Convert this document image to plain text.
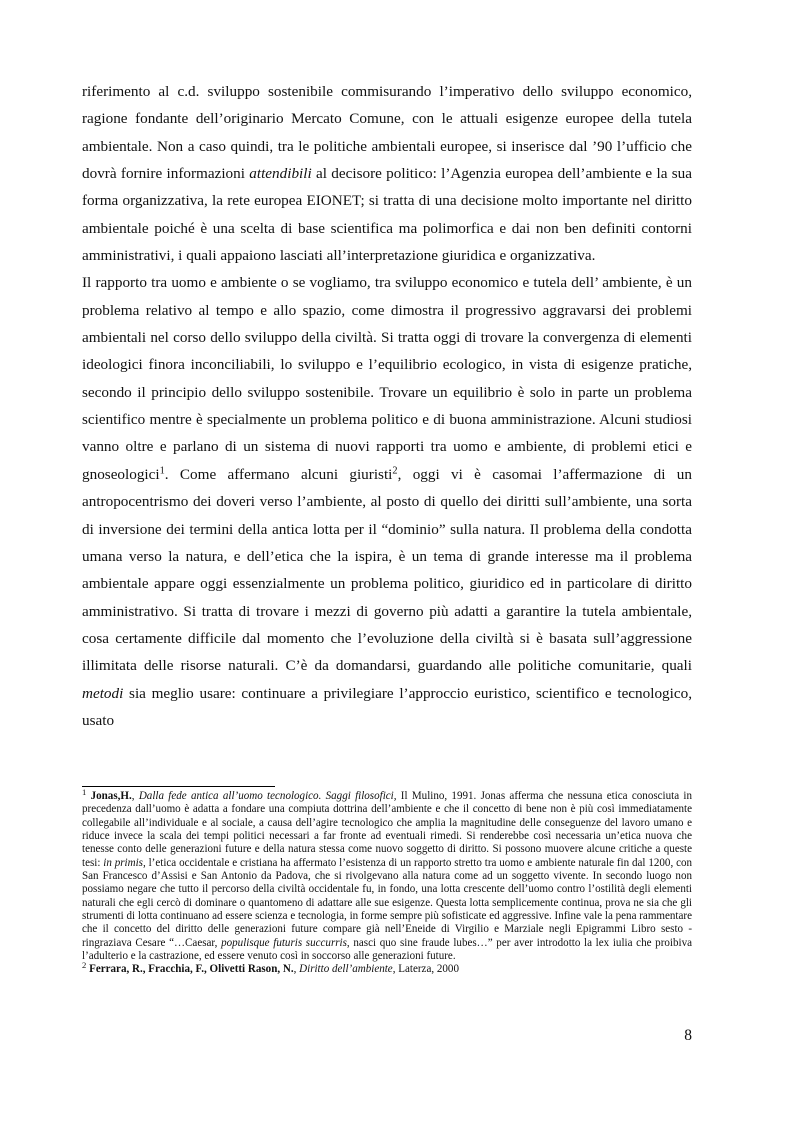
riferimento al c.d. sviluppo sostenibile commisurando l’imperativo dello sviluppo economico, ragione fondante dell’originario Mercato Comune, con le attuali esigenze europee della tutela ambientale. Non a caso quindi, tra le politiche ambientali europee, si inserisce dal ’90 l’ufficio che dovrà fornire informazioni attendibili al decisore politico: l’Agenzia europea dell’ambiente e la sua forma organizzativa, la rete europea EIONET; si tratta di una decisione molto importante nel diritto ambientale poiché è una scelta di base scientifica ma polimorfica e dai non ben definiti contorni amministrativi, i quali appaiono lasciati all’interpretazione giuridica e organizzativa.

Il rapporto tra uomo e ambiente o se vogliamo, tra sviluppo economico e tutela dell’ ambiente, è un problema relativo al tempo e allo spazio, come dimostra il progressivo aggravarsi dei problemi ambientali nel corso dello sviluppo della civiltà. Si tratta oggi di trovare la convergenza di elementi ideologici finora inconciliabili, lo sviluppo e l’equilibrio ecologico, in vista di esigenze pratiche, secondo il principio dello sviluppo sostenibile. Trovare un equilibrio è solo in parte un problema scientifico mentre è specialmente un problema politico e di buona amministrazione. Alcuni studiosi vanno oltre e parlano di un sistema di nuovi rapporti tra uomo e ambiente, di problemi etici e gnoseologici$^1$. Come affermano alcuni giuristi$^2$, oggi vi è casomai l’affermazione di un antropocentrismo dei doveri verso l’ambiente, al posto di quello dei diritti sull’ambiente, una sorta di inversione dei termini della antica lotta per il “dominio” sulla natura. Il problema della condotta umana verso la natura, e dell’etica che la ispira, è un tema di grande interesse ma il problema ambientale appare oggi essenzialmente un problema politico, giuridico ed in particolare di diritto amministrativo. Si tratta di trovare i mezzi di governo più adatti a garantire la tutela ambientale, cosa certamente difficile dal momento che l’evoluzione della civiltà si è basata sull’aggressione illimitata delle risorse naturali. C’è da domandarsi, guardando alle politiche comunitarie, quali metodi sia meglio usare: continuare a privilegiare l’approccio euristico, scientifico e tecnologico, usato

$^1$ Jonas,H., Dalla fede antica all’uomo tecnologico. Saggi filosofici, Il Mulino, 1991. Jonas afferma che nessuna etica conosciuta in precedenza dall’uomo è adatta a fondare una compiuta dottrina dell’ambiente e che il concetto di bene non è più così immediatamente collegabile all’individuale e al sociale, a causa dell’agire tecnologico che amplia la magnitudine delle conseguenze del lavoro umano e riduce invece la scala dei tempi politici necessari a far fronte ad eventuali rimedi. Si renderebbe così necessaria un’etica nuova che tenesse conto delle generazioni future e della natura stessa come nuovo soggetto di diritto. Si possono muovere alcune critiche a queste tesi: in primis, l’etica occidentale e cristiana ha affermato l’esistenza di un rapporto stretto tra uomo e ambiente naturale fin dal 1200, con San Francesco d’Assisi e San Antonio da Padova, che si rivolgevano alla natura come ad un soggetto vivente. In secondo luogo non possiamo negare che tutto il percorso della civiltà occidentale fu, in fondo, una lotta crescente dell’uomo contro l’ostilità degli elementi naturali che egli cercò di dominare o quantomeno di adattare alle sue esigenze. Questa lotta semplicemente continua, prova ne sia che gli strumenti di lotta continuano ad essere scienza e tecnologia, in forme sempre più sofisticate ed aggressive. Infine vale la pena rammentare che il concetto del diritto delle generazioni future compare già nell’Eneide di Virgilio e Marziale negli Epigrammi Libro sesto - ringraziava Cesare “…Caesar, populisque futuris succurris, nasci quo sine fraude lubes…” per aver introdotto la lex iulia che proibiva l’adulterio e la castrazione, ed essere venuto così in soccorso alle generazioni future.

$^2$ Ferrara, R., Fracchia, F., Olivetti Rason, N., Diritto dell’ambiente, Laterza, 2000

8
